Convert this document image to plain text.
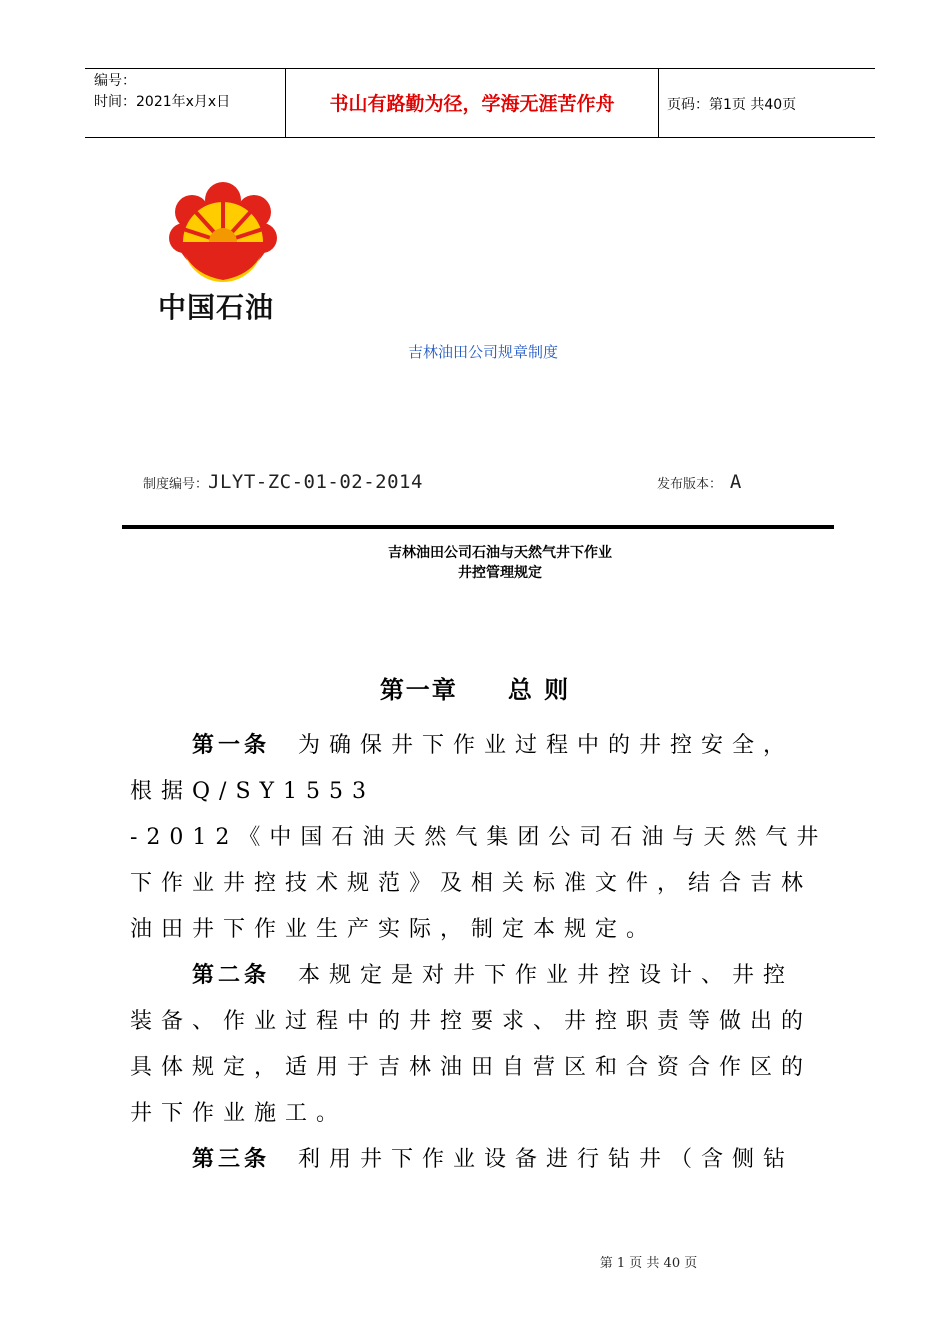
编号：
时间：2021年x月x日	书山有路勤为径，学海无涯苦作舟	页码：第1页 共40页
中国石油
吉林油田公司规章制度
制度编号：JLYT-ZC-01-02-2014	发布版本： A
吉林油田公司石油与天然气井下作业
井控管理规定
第一章 总 则
第一条 为确保井下作业过程中的井控安全，
根据Q/SY1553
-2012《中国石油天然气集团公司石油与天然气井
下作业井控技术规范》及相关标准文件，结合吉林
油田井下作业生产实际，制定本规定。
第二条 本规定是对井下作业井控设计、井控
装备、作业过程中的井控要求、井控职责等做出的
具体规定，适用于吉林油田自营区和合资合作区的
井下作业施工。
第三条 利用井下作业设备进行钻井（含侧钻
第 1 页 共 40 页
